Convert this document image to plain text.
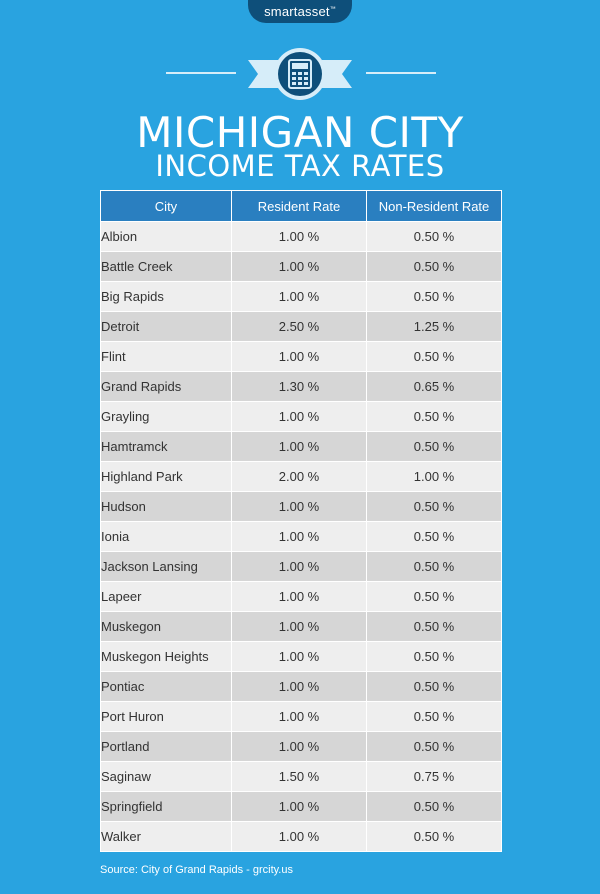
smartasset™
MICHIGAN CITY
INCOME TAX RATES
City	Resident Rate	Non-Resident Rate
Albion	1.00 %	0.50 %
Battle Creek	1.00 %	0.50 %
Big Rapids	1.00 %	0.50 %
Detroit	2.50 %	1.25 %
Flint	1.00 %	0.50 %
Grand Rapids	1.30 %	0.65 %
Grayling	1.00 %	0.50 %
Hamtramck	1.00 %	0.50 %
Highland Park	2.00 %	1.00 %
Hudson	1.00 %	0.50 %
Ionia	1.00 %	0.50 %
Jackson Lansing	1.00 %	0.50 %
Lapeer	1.00 %	0.50 %
Muskegon	1.00 %	0.50 %
Muskegon Heights	1.00 %	0.50 %
Pontiac	1.00 %	0.50 %
Port Huron	1.00 %	0.50 %
Portland	1.00 %	0.50 %
Saginaw	1.50 %	0.75 %
Springfield	1.00 %	0.50 %
Walker	1.00 %	0.50 %
Source: City of Grand Rapids - grcity.us
